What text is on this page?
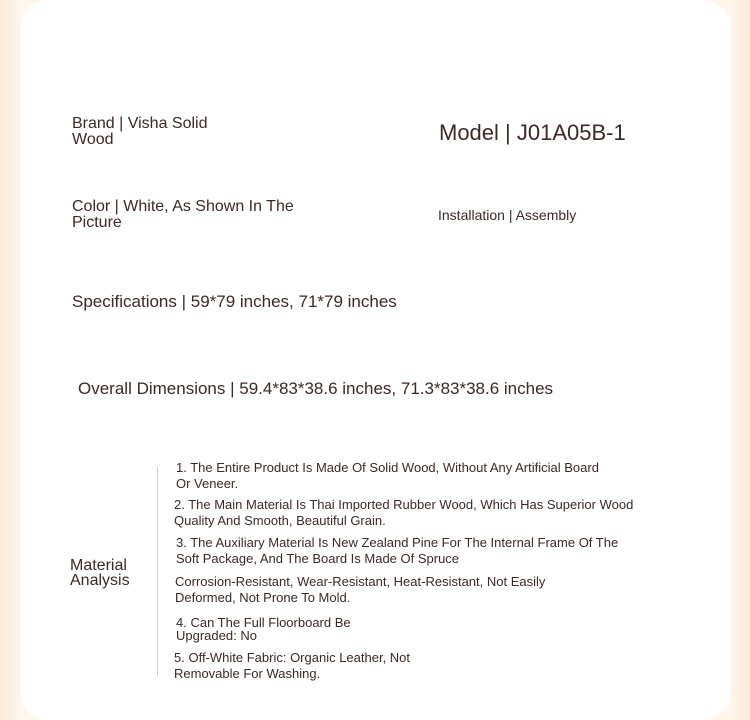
Brand | Visha Solid Wood	Model | J01A05B-1
Color | White, As Shown In The Picture	Installation | Assembly
Specifications | 59*79 inches, 71*79 inches
Overall Dimensions | 59.4*83*38.6 inches, 71.3*83*38.6 inches
Material Analysis
1. The Entire Product Is Made Of Solid Wood, Without Any Artificial Board Or Veneer.
2. The Main Material Is Thai Imported Rubber Wood, Which Has Superior Wood Quality And Smooth, Beautiful Grain.
3. The Auxiliary Material Is New Zealand Pine For The Internal Frame Of The Soft Package, And The Board Is Made Of Spruce
Corrosion-Resistant, Wear-Resistant, Heat-Resistant, Not Easily Deformed, Not Prone To Mold.
4. Can The Full Floorboard Be Upgraded: No
5. Off-White Fabric: Organic Leather, Not Removable For Washing.
